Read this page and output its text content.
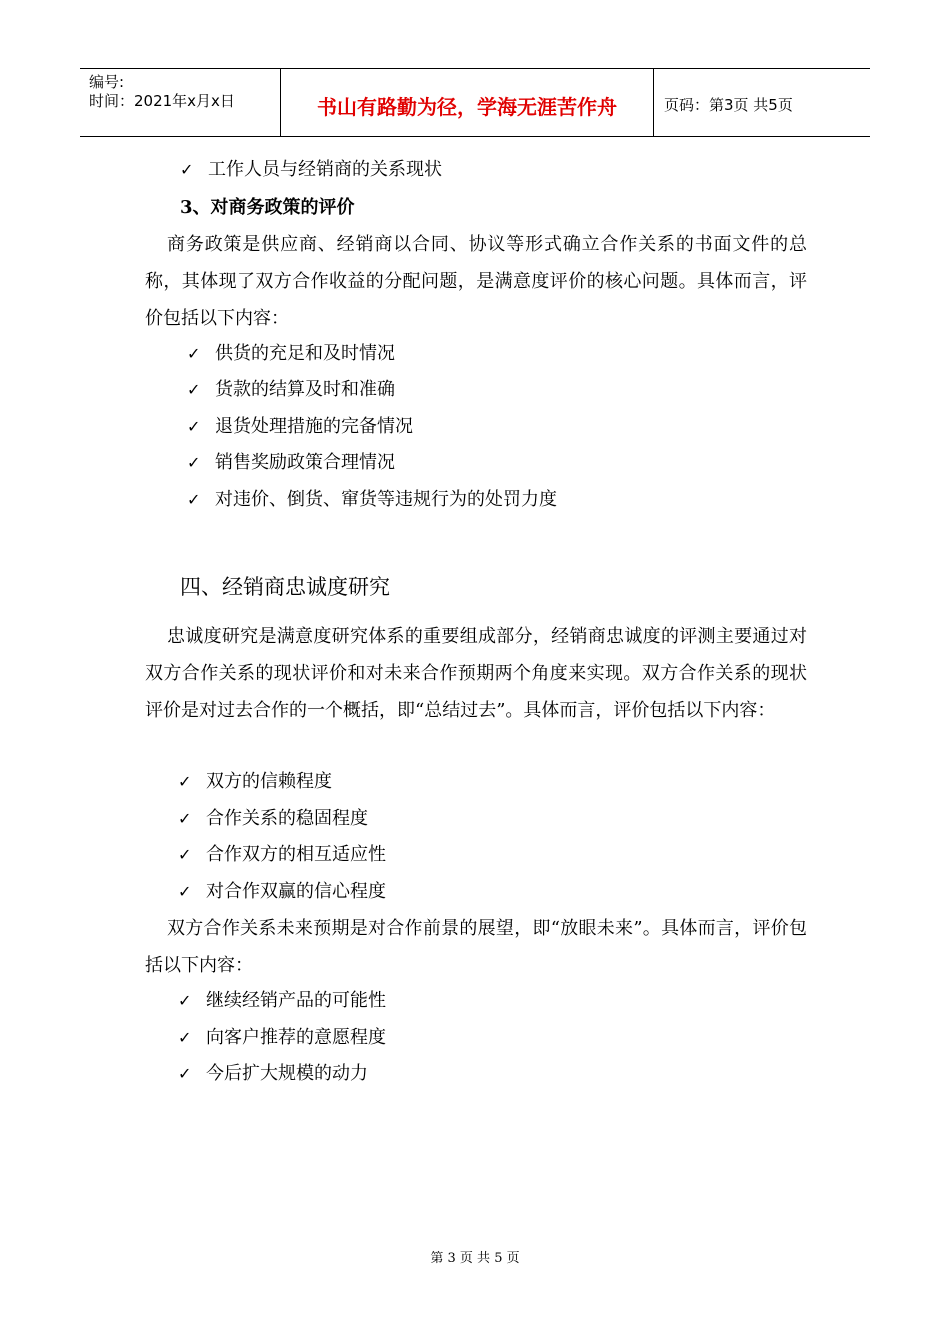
编号:
时间：2021年x月x日	书山有路勤为径，学海无涯苦作舟	页码：第3页 共5页
✓ 工作人员与经销商的关系现状
3、对商务政策的评价
商务政策是供应商、经销商以合同、协议等形式确立合作关系的书面文件的总称，其体现了双方合作收益的分配问题，是满意度评价的核心问题。具体而言，评价包括以下内容：
✓ 供货的充足和及时情况
✓ 货款的结算及时和准确
✓ 退货处理措施的完备情况
✓ 销售奖励政策合理情况
✓ 对违价、倒货、窜货等违规行为的处罚力度
四、经销商忠诚度研究
忠诚度研究是满意度研究体系的重要组成部分，经销商忠诚度的评测主要通过对双方合作关系的现状评价和对未来合作预期两个角度来实现。双方合作关系的现状评价是对过去合作的一个概括，即“总结过去”。具体而言，评价包括以下内容：
✓ 双方的信赖程度
✓ 合作关系的稳固程度
✓ 合作双方的相互适应性
✓ 对合作双赢的信心程度
双方合作关系未来预期是对合作前景的展望，即“放眼未来”。具体而言，评价包括以下内容：
✓ 继续经销产品的可能性
✓ 向客户推荐的意愿程度
✓ 今后扩大规模的动力
第 3 页 共 5 页
